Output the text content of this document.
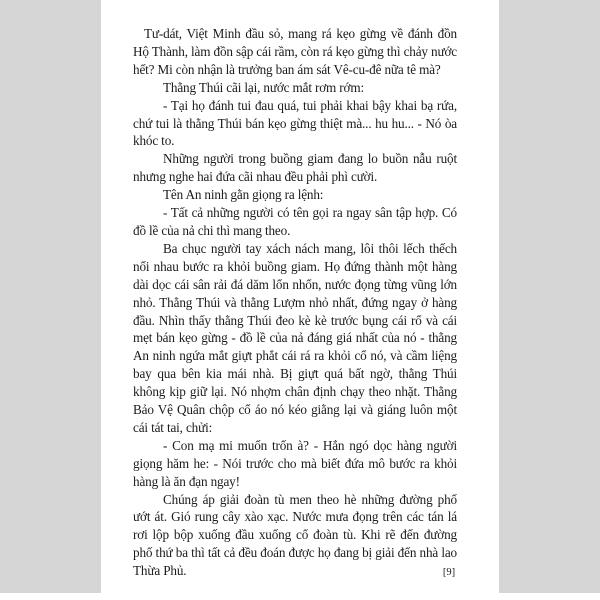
Tư-dát, Việt Minh đầu sỏ, mang rá kẹo gừng về đánh đồn Hộ Thành, làm đồn sập cái rầm, còn rá kẹo gừng thì chảy nước hết? Mi còn nhận là trưởng ban ám sát Vê-cu-đê nữa tê mà?

Thằng Thúi cãi lại, nước mắt rơm rớm:

- Tại họ đánh tui đau quá, tui phải khai bậy khai bạ rứa, chứ tui là thằng Thúi bán kẹo gừng thiệt mà... hu hu... - Nó òa khóc to.

Những người trong buồng giam đang lo buồn nẫu ruột nhưng nghe hai đứa cãi nhau đều phải phì cười.

Tên An ninh gằn giọng ra lệnh:

- Tất cả những người có tên gọi ra ngay sân tập hợp. Có đồ lề của nả chi thì mang theo.

Ba chục người tay xách nách mang, lôi thôi lếch thếch nối nhau bước ra khỏi buồng giam. Họ đứng thành một hàng dài dọc cái sân rải đá dăm lổn nhổn, nước đọng từng vũng lớn nhỏ. Thằng Thúi và thằng Lượm nhỏ nhất, đứng ngay ở hàng đầu. Nhìn thấy thằng Thúi đeo kè kè trước bụng cái rổ và cái mẹt bán kẹo gừng - đồ lề của nả đáng giá nhất của nó - thằng An ninh ngứa mắt giựt phắt cái rá ra khỏi cổ nó, và cầm liệng bay qua bên kia mái nhà. Bị giựt quá bất ngờ, thằng Thúi không kịp giữ lại. Nó nhợm chân định chạy theo nhặt. Thằng Bảo Vệ Quân chộp cổ áo nó kéo giằng lại và giáng luôn một cái tát tai, chửi:

- Con mạ mi muốn trốn à? - Hắn ngó dọc hàng người giọng hăm he: - Nói trước cho mà biết đứa mô bước ra khỏi hàng là ăn đạn ngay!

Chúng áp giải đoàn tù men theo hè những đường phố ướt át. Gió rung cây xào xạc. Nước mưa đọng trên các tán lá rơi lộp bộp xuống đầu xuống cổ đoàn tù. Khi rẽ đến đường phố thứ ba thì tất cả đều đoán được họ đang bị giải đến nhà lao Thừa Phủ.	[9]
